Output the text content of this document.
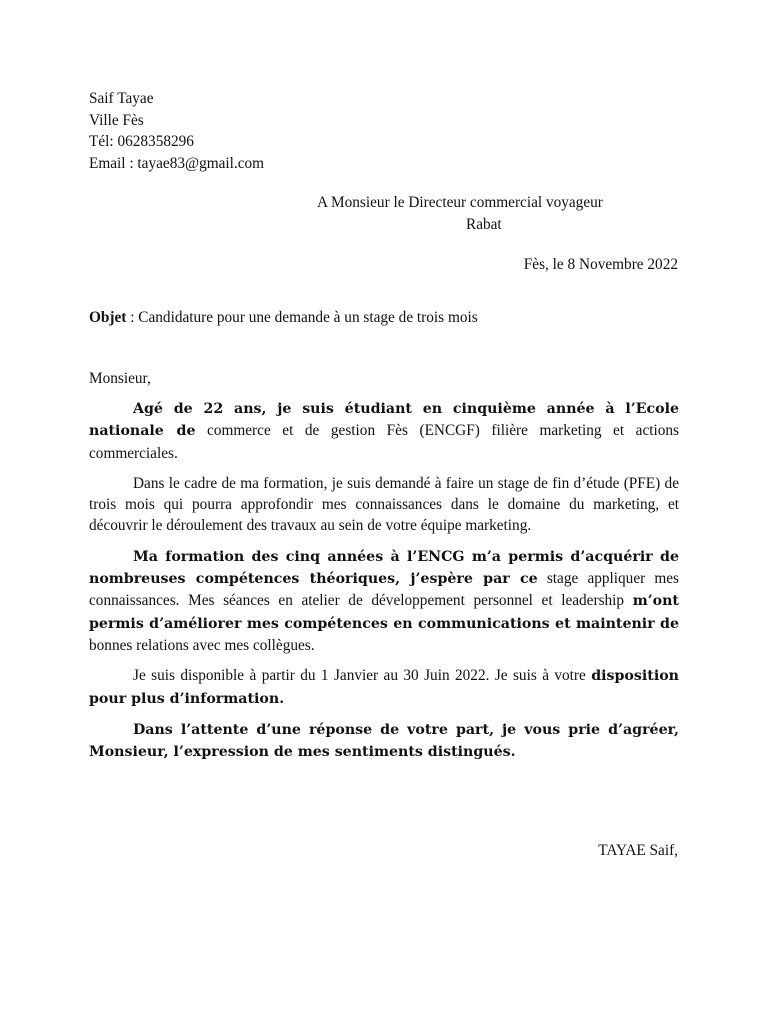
Saif Tayae
Ville Fès
Tél: 0628358296
Email : tayae83@gmail.com
A Monsieur le Directeur commercial voyageur
Rabat
Fès, le 8 Novembre 2022
Objet : Candidature pour une demande à un stage de trois mois
Monsieur,

Agé de 22 ans, je suis étudiant en cinquième année à l’Ecole nationale de commerce et de gestion Fès (ENCGF) filière marketing et actions commerciales.

Dans le cadre de ma formation, je suis demandé à faire un stage de fin d’étude (PFE) de trois mois qui pourra approfondir mes connaissances dans le domaine du marketing, et découvrir le déroulement des travaux au sein de votre équipe marketing.

Ma formation des cinq années à l’ENCG m’a permis d’acquérir de nombreuses compétences théoriques, j’espère par ce stage appliquer mes connaissances. Mes séances en atelier de développement personnel et leadership m’ont permis d’améliorer mes compétences en communications et maintenir de bonnes relations avec mes collègues.

Je suis disponible à partir du 1 Janvier au 30 Juin 2022. Je suis à votre disposition pour plus d’information.

Dans l’attente d’une réponse de votre part, je vous prie d’agréer, Monsieur, l’expression de mes sentiments distingués.

TAYAE Saif,
